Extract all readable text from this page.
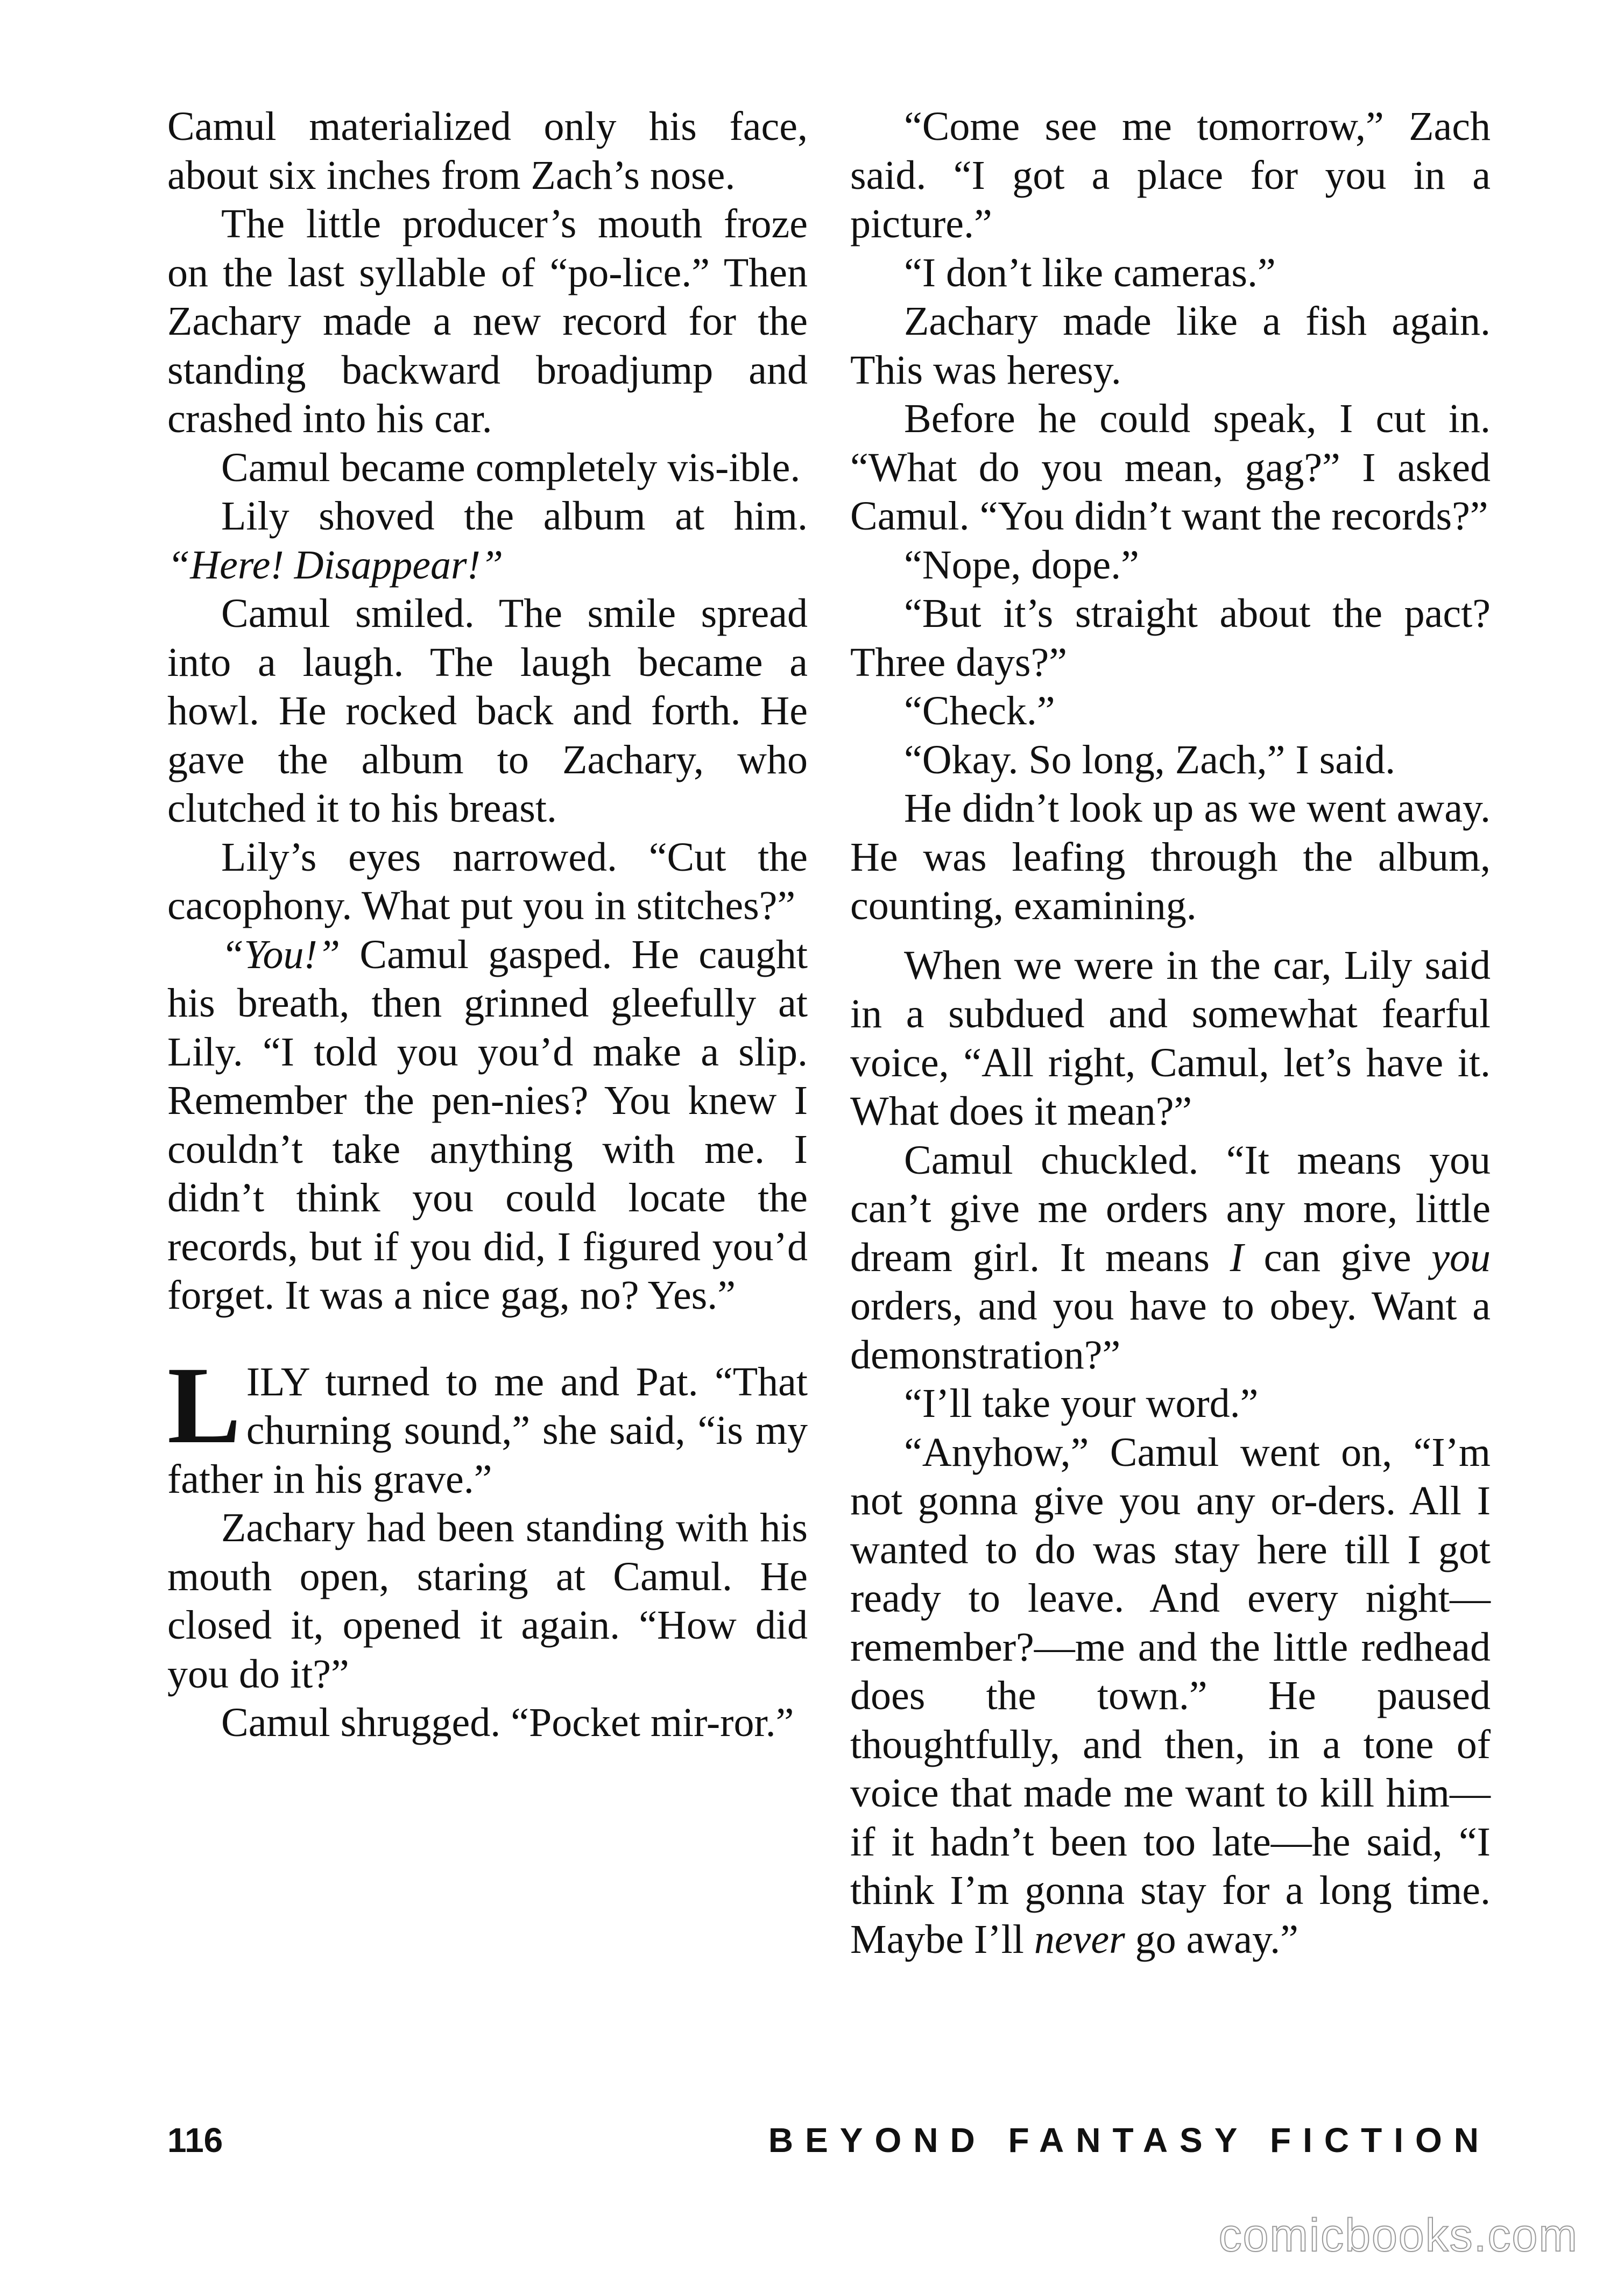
Camul materialized only his face, about six inches from Zach’s nose.

The little producer’s mouth froze on the last syllable of “po-lice.” Then Zachary made a new record for the standing backward broadjump and crashed into his car.

Camul became completely vis-ible.

Lily shoved the album at him. “Here! Disappear!”

Camul smiled. The smile spread into a laugh. The laugh became a howl. He rocked back and forth. He gave the album to Zachary, who clutched it to his breast.

Lily’s eyes narrowed. “Cut the cacophony. What put you in stitches?”

“You!” Camul gasped. He caught his breath, then grinned gleefully at Lily. “I told you you’d make a slip. Remember the pen-nies? You knew I couldn’t take anything with me. I didn’t think you could locate the records, but if you did, I figured you’d forget. It was a nice gag, no? Yes.”

LILY turned to me and Pat. “That churning sound,” she said, “is my father in his grave.”

Zachary had been standing with his mouth open, staring at Camul. He closed it, opened it again. “How did you do it?”

Camul shrugged. “Pocket mir-ror.”

“Come see me tomorrow,” Zach said. “I got a place for you in a picture.”

“I don’t like cameras.”

Zachary made like a fish again. This was heresy.

Before he could speak, I cut in. “What do you mean, gag?” I asked Camul. “You didn’t want the records?”

“Nope, dope.”

“But it’s straight about the pact? Three days?”

“Check.”

“Okay. So long, Zach,” I said.

He didn’t look up as we went away. He was leafing through the album, counting, examining.

When we were in the car, Lily said in a subdued and somewhat fearful voice, “All right, Camul, let’s have it. What does it mean?”

Camul chuckled. “It means you can’t give me orders any more, little dream girl. It means I can give you orders, and you have to obey. Want a demonstration?”

“I’ll take your word.”

“Anyhow,” Camul went on, “I’m not gonna give you any or-ders. All I wanted to do was stay here till I got ready to leave. And every night—remember?—me and the little redhead does the town.” He paused thoughtfully, and then, in a tone of voice that made me want to kill him—if it hadn’t been too late—he said, “I think I’m gonna stay for a long time. Maybe I’ll never go away.”

116	BEYOND FANTASY FICTION
comicbooks.com
